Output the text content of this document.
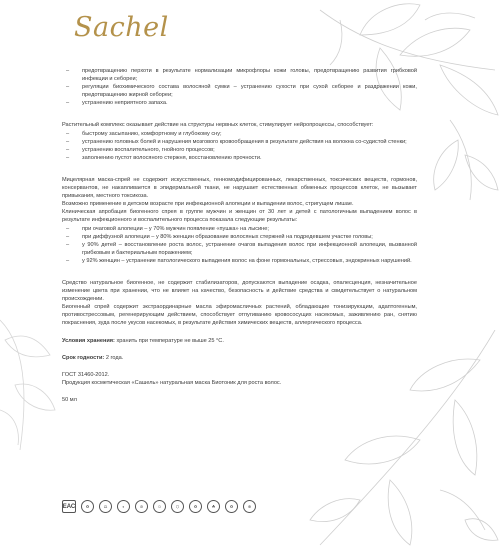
Sachel
– предотвращению перхоти в результате нормализации микрофлоры кожи головы, предотвращению развития грибковой инфекции и себореи;
– регуляции биохимического состава волосяной сумки – устранению сухости при сухой себорее и раздражении кожи, предотвращению жирной себореи;
– устранению неприятного запаха.

Растительный комплекс оказывает действие на структуры нервных клеток, стимулирует нейропроцессы, способствует:

– быстрому засыпанию, комфортному и глубокому сну;
– устранению головных болей и нарушения мозгового кровообращения в результате действия на волокна со-судистой стенки;
– устранению воспалительного, гнойного процессов;
– заполнению пустот волосяного стержня, восстановлению прочности.

Мицелярная маска-спрей не содержит искусственных, генномодифицированных, лекарственных, токсических веществ, гормонов, консервантов, не накапливается в эпидермальной ткани, не нарушает естественных обменных процессов клеток, не вызывает привыкания, местного токсикоза.

Возможно применение в детском возрасте при инфекционной алопеции и выпадении волос, стригущем лишае.

Клиническая апробация биогенного спрея в группе мужчин и женщин от 30 лет и детей с патологичным выпадением волос в результате инфекционного и воспалительного процесса показала следующие результаты:

– при очаговой алопеции – у 70% мужчин появление «пушка» на лысине;
– при диффузной алопеции – у 80% женщин образование волосяных стержней на подредевшем участке головы;
– у 90% детей – восстановление роста волос, устранение очагов выпадения волос при инфекционной алопеции, вызванной грибковым и бактериальным поражением;
– у 92% женщин – устранение патологического выпадения волос на фоне гормональных, стрессовых, эндокринных нарушений.

Средство натуральное биогенное, не содержит стабилизаторов, допускаются выпадение осадка, опалесценция, незначительное изменение цвета при хранении, что не влияет на качество, безопасность и действие средства и свидетельствует о натуральном происхождении.

Биогенный спрей содержит экстраординарные масла эфиромасличных растений, обладающие тонизирующим, адаптогенным, противострессовым, регенерирующим действием, способствует отпугиванию кровососущих насекомых, заживлению ран, снятию покраснения, зуда после укусов насекомых, в результате действия химических веществ, аллергического процесса.

Условия хранения: хранить при температуре не выше 25 °С.

Срок годности: 2 года.

ГОСТ 31460-2012.

Продукция косметическая «Сашель» натуральная маска Биотоник для роста волос.

50 мл

ЕАС	♻	⚖	◐	⊘	♲	⬡	♻	☘	♻	⊕
